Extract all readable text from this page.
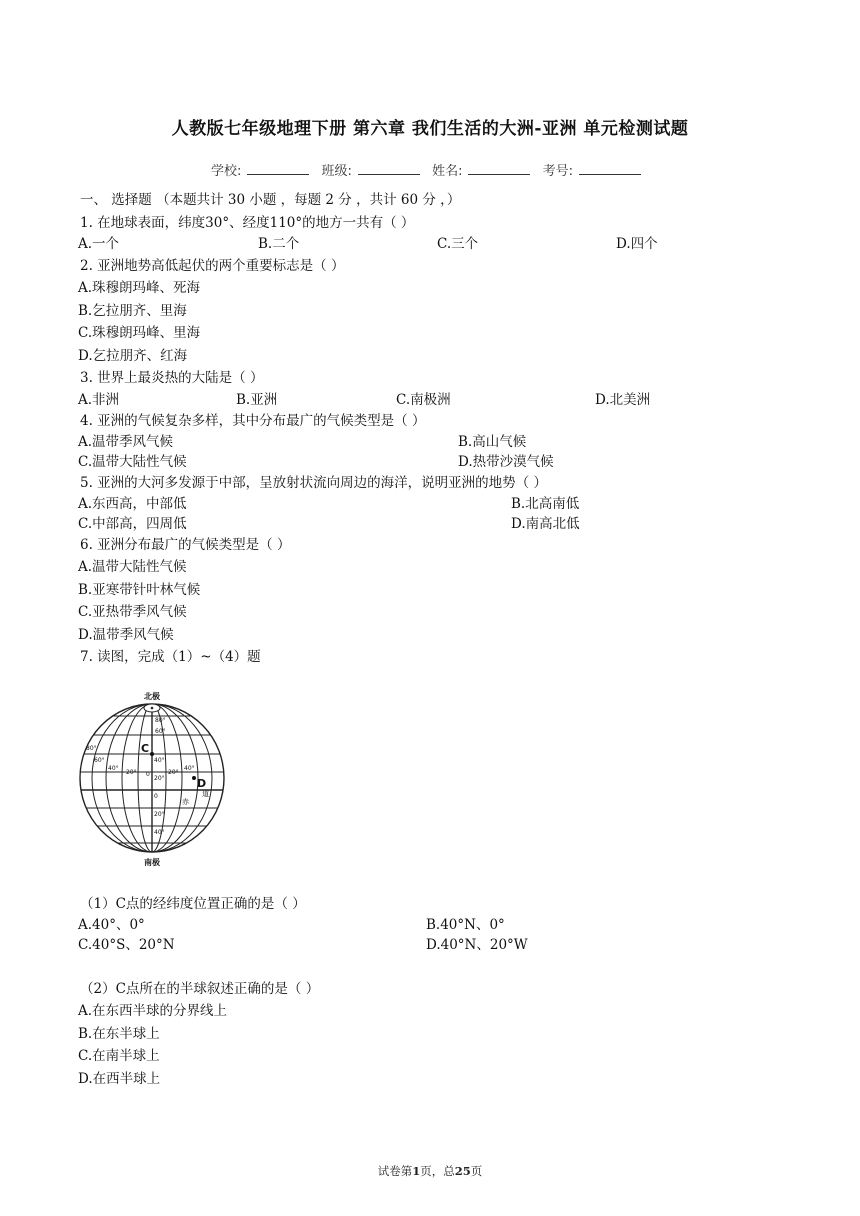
人教版七年级地理下册 第六章 我们生活的大洲-亚洲 单元检测试题
学校:	班级:	姓名:	考号:
一、 选择题 （本题共计 30 小题 ，每题 2 分 ，共计 60 分 ，）
1. 在地球表面，纬度30°、经度110°的地方一共有（ ）
A.一个	B.二个	C.三个	D.四个
2. 亚洲地势高低起伏的两个重要标志是（ ）
A.珠穆朗玛峰、死海
B.乞拉朋齐、里海
C.珠穆朗玛峰、里海
D.乞拉朋齐、红海
3. 世界上最炎热的大陆是（ ）
A.非洲	B.亚洲	C.南极洲	D.北美洲
4. 亚洲的气候复杂多样，其中分布最广的气候类型是（ ）
A.温带季风气候	B.高山气候
C.温带大陆性气候	D.热带沙漠气候
5. 亚洲的大河多发源于中部，呈放射状流向周边的海洋，说明亚洲的地势（ ）
A.东西高，中部低	B.北高南低
C.中部高，四周低	D.南高北低
6. 亚洲分布最广的气候类型是（ ）
A.温带大陆性气候
B.亚寒带针叶林气候
C.亚热带季风气候
D.温带季风气候
7. 读图，完成（1）~（4）题
北极
南极
C
D
赤
道
60°
40°
20°
0
20°
40°
80°
80°
60°
40°
20° 0	20°
40°
（1）C点的经纬度位置正确的是（ ）
A.40°、0°	B.40°N、0°
C.40°S、20°N	D.40°N、20°W
（2）C点所在的半球叙述正确的是（ ）
A.在东西半球的分界线上
B.在东半球上
C.在南半球上
D.在西半球上
试卷第1页，总25页
